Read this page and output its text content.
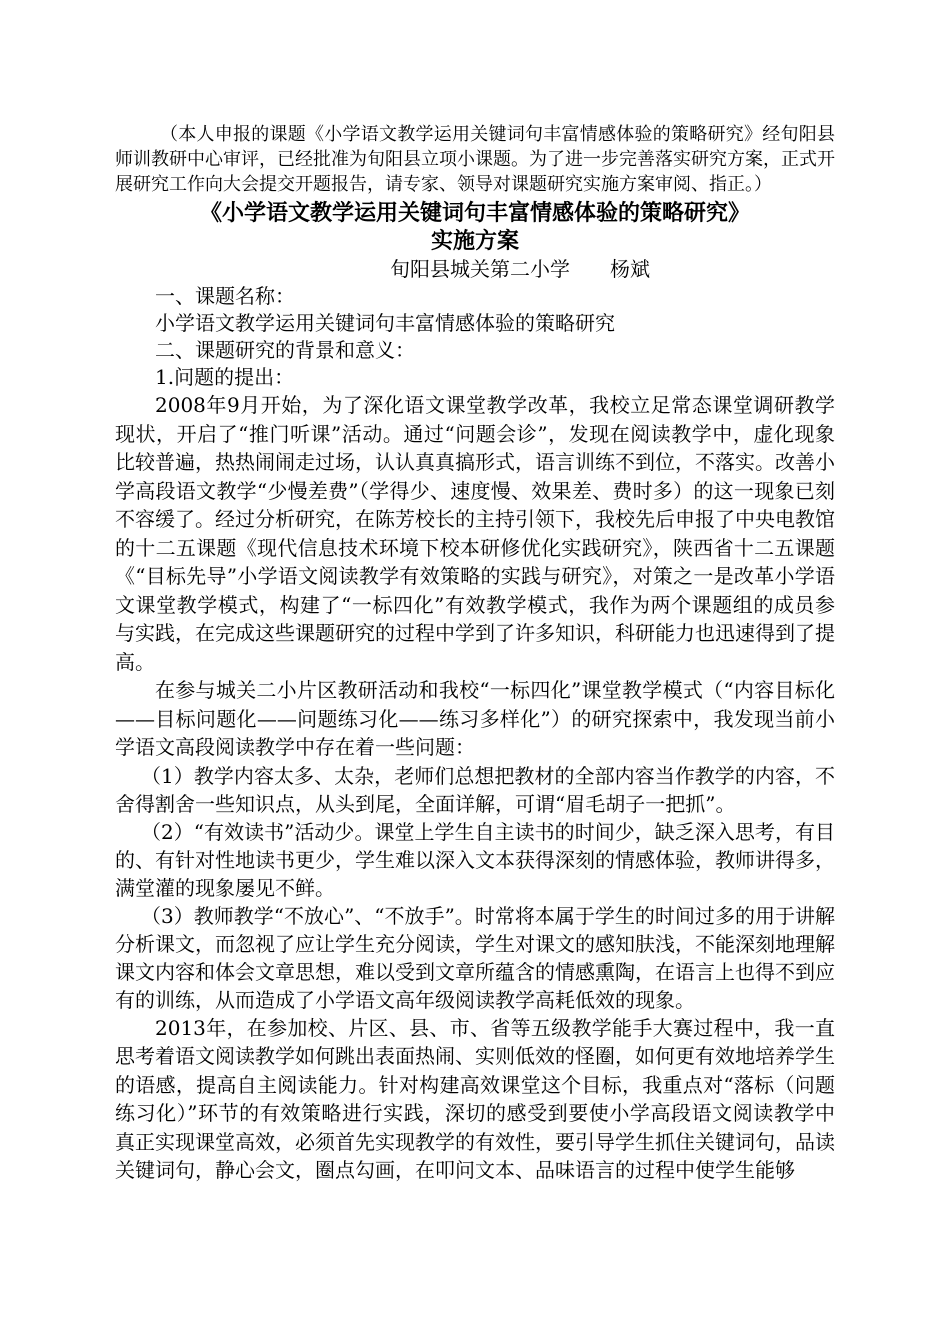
（本人申报的课题《小学语文教学运用关键词句丰富情感体验的策略研究》经旬阳县师训教研中心审评，已经批准为旬阳县立项小课题。为了进一步完善落实研究方案，正式开展研究工作向大会提交开题报告，请专家、领导对课题研究实施方案审阅、指正。）

《小学语文教学运用关键词句丰富情感体验的策略研究》
实施方案

旬阳县城关第二小学　　杨斌

一、课题名称：

小学语文教学运用关键词句丰富情感体验的策略研究

二、课题研究的背景和意义：

1.问题的提出：

2008年9月开始，为了深化语文课堂教学改革，我校立足常态课堂调研教学现状，开启了“推门听课”活动。通过“问题会诊”，发现在阅读教学中，虚化现象比较普遍，热热闹闹走过场，认认真真搞形式，语言训练不到位，不落实。改善小学高段语文教学“少慢差费”（学得少、速度慢、效果差、费时多）的这一现象已刻不容缓了。经过分析研究，在陈芳校长的主持引领下，我校先后申报了中央电教馆的十二五课题《现代信息技术环境下校本研修优化实践研究》，陕西省十二五课题《“目标先导”小学语文阅读教学有效策略的实践与研究》，对策之一是改革小学语文课堂教学模式，构建了“一标四化”有效教学模式，我作为两个课题组的成员参与实践，在完成这些课题研究的过程中学到了许多知识，科研能力也迅速得到了提高。

在参与城关二小片区教研活动和我校“一标四化”课堂教学模式（“内容目标化——目标问题化——问题练习化——练习多样化”）的研究探索中，我发现当前小学语文高段阅读教学中存在着一些问题：

（1）教学内容太多、太杂，老师们总想把教材的全部内容当作教学的内容，不舍得割舍一些知识点，从头到尾，全面详解，可谓“眉毛胡子一把抓”。

（2）“有效读书”活动少。课堂上学生自主读书的时间少，缺乏深入思考，有目的、有针对性地读书更少，学生难以深入文本获得深刻的情感体验，教师讲得多，满堂灌的现象屡见不鲜。

（3）教师教学“不放心”、“不放手”。时常将本属于学生的时间过多的用于讲解分析课文，而忽视了应让学生充分阅读，学生对课文的感知肤浅，不能深刻地理解课文内容和体会文章思想，难以受到文章所蕴含的情感熏陶，在语言上也得不到应有的训练，从而造成了小学语文高年级阅读教学高耗低效的现象。

2013年，在参加校、片区、县、市、省等五级教学能手大赛过程中，我一直思考着语文阅读教学如何跳出表面热闹、实则低效的怪圈，如何更有效地培养学生的语感，提高自主阅读能力。针对构建高效课堂这个目标，我重点对“落标（问题练习化）”环节的有效策略进行实践，深切的感受到要使小学高段语文阅读教学中真正实现课堂高效，必须首先实现教学的有效性，要引导学生抓住关键词句，品读关键词句，静心会文，圈点勾画，在叩问文本、品味语言的过程中使学生能够
